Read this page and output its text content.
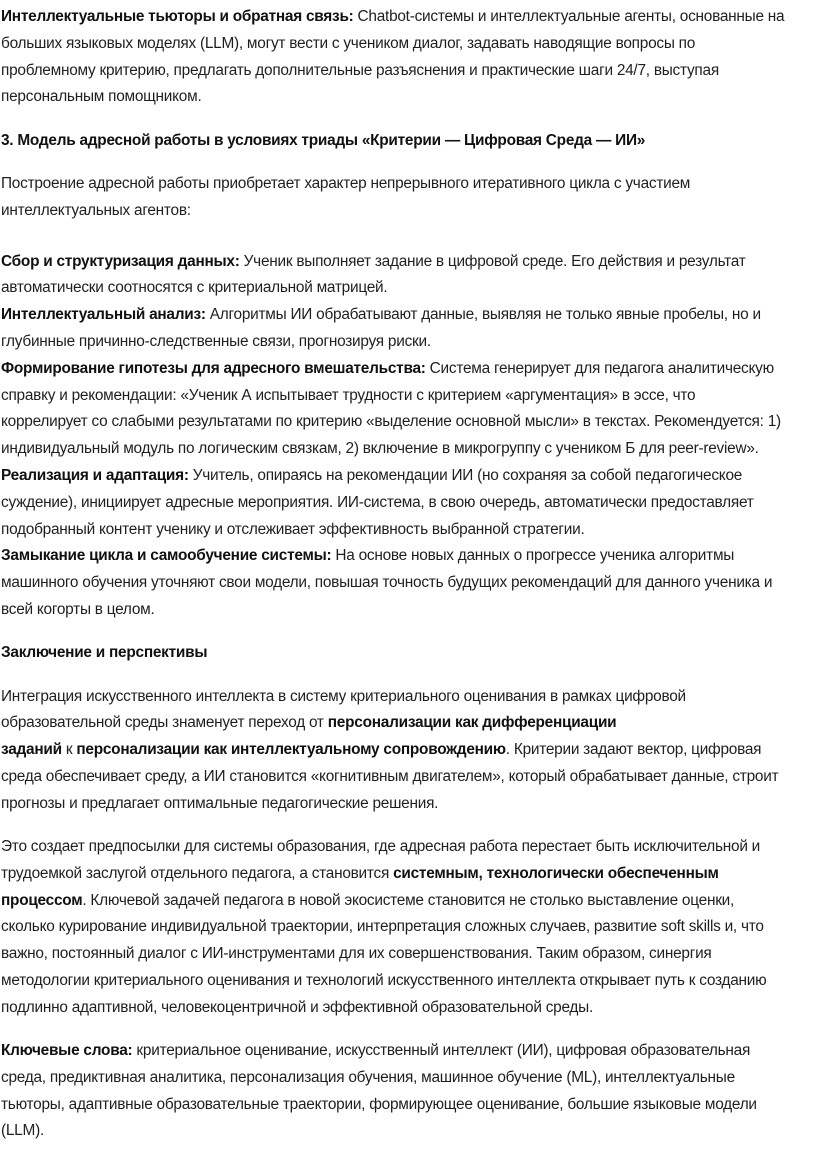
Интеллектуальные тьюторы и обратная связь: Chatbot-системы и интеллектуальные агенты, основанные на
больших языковых моделях (LLM), могут вести с учеником диалог, задавать наводящие вопросы по
проблемному критерию, предлагать дополнительные разъяснения и практические шаги 24/7, выступая
персональным помощником.

3. Модель адресной работы в условиях триады «Критерии — Цифровая Среда — ИИ»

Построение адресной работы приобретает характер непрерывного итеративного цикла с участием
интеллектуальных агентов:

Сбор и структуризация данных: Ученик выполняет задание в цифровой среде. Его действия и результат
автоматически соотносятся с критериальной матрицей.

Интеллектуальный анализ: Алгоритмы ИИ обрабатывают данные, выявляя не только явные пробелы, но и
глубинные причинно-следственные связи, прогнозируя риски.

Формирование гипотезы для адресного вмешательства: Система генерирует для педагога аналитическую
справку и рекомендации: «Ученик А испытывает трудности с критерием «аргументация» в эссе, что
коррелирует со слабыми результатами по критерию «выделение основной мысли» в текстах. Рекомендуется: 1)
индивидуальный модуль по логическим связкам, 2) включение в микрогруппу с учеником Б для peer-review».

Реализация и адаптация: Учитель, опираясь на рекомендации ИИ (но сохраняя за собой педагогическое
суждение), инициирует адресные мероприятия. ИИ-система, в свою очередь, автоматически предоставляет
подобранный контент ученику и отслеживает эффективность выбранной стратегии.

Замыкание цикла и самообучение системы: На основе новых данных о прогрессе ученика алгоритмы
машинного обучения уточняют свои модели, повышая точность будущих рекомендаций для данного ученика и
всей когорты в целом.

Заключение и перспективы

Интеграция искусственного интеллекта в систему критериального оценивания в рамках цифровой
образовательной среды знаменует переход от персонализации как дифференциации
заданий к персонализации как интеллектуальному сопровождению. Критерии задают вектор, цифровая
среда обеспечивает среду, а ИИ становится «когнитивным двигателем», который обрабатывает данные, строит
прогнозы и предлагает оптимальные педагогические решения.

Это создает предпосылки для системы образования, где адресная работа перестает быть исключительной и
трудоемкой заслугой отдельного педагога, а становится системным, технологически обеспеченным
процессом. Ключевой задачей педагога в новой экосистеме становится не столько выставление оценки,
сколько курирование индивидуальной траектории, интерпретация сложных случаев, развитие soft skills и, что
важно, постоянный диалог с ИИ-инструментами для их совершенствования. Таким образом, синергия
методологии критериального оценивания и технологий искусственного интеллекта открывает путь к созданию
подлинно адаптивной, человекоцентричной и эффективной образовательной среды.

Ключевые слова: критериальное оценивание, искусственный интеллект (ИИ), цифровая образовательная
среда, предиктивная аналитика, персонализация обучения, машинное обучение (ML), интеллектуальные
тьюторы, адаптивные образовательные траектории, формирующее оценивание, большие языковые модели
(LLM).
